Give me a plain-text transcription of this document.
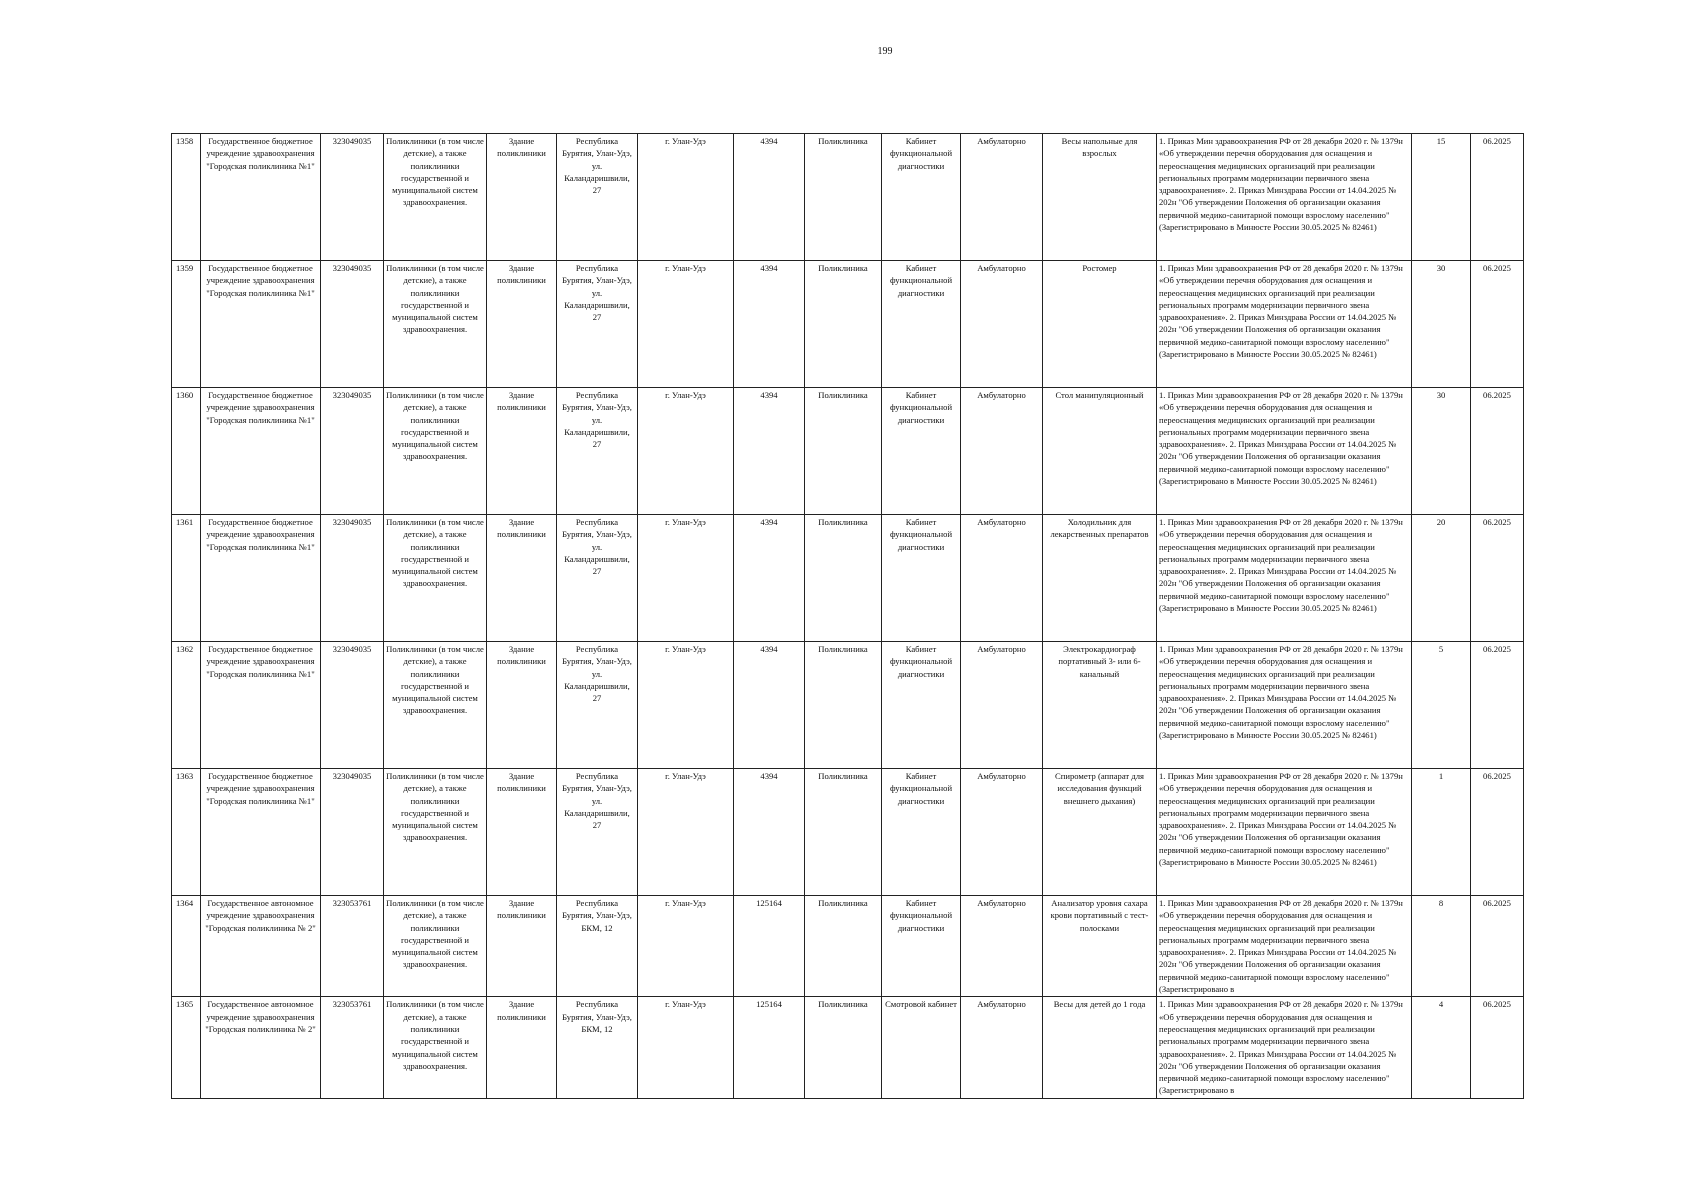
199
1358	Государственное бюджетное учреждение здравоохранения "Городская поликлиника №1"	323049035	Поликлиники (в том числе детские), а также поликлиники государственной и муниципальной систем здравоохранения.	Здание поликлиники	Республика Бурятия, Улан-Удэ, ул. Каландаришвили, 27	г. Улан-Удэ	4394	Поликлиника	Кабинет функциональной диагностики	Амбулаторно	Весы напольные для взрослых	1. Приказ Мин здравоохранения РФ от 28 декабря 2020 г. № 1379н «Об утверждении перечня оборудования для оснащения и переоснащения медицинских организаций при реализации региональных программ модернизации первичного звена здравоохранения». 2. Приказ Минздрава России от 14.04.2025 № 202н "Об утверждении Положения об организации оказания первичной медико-санитарной помощи взрослому населению" (Зарегистрировано в Минюсте России 30.05.2025 № 82461)	15	06.2025
1359	Государственное бюджетное учреждение здравоохранения "Городская поликлиника №1"	323049035	Поликлиники (в том числе детские), а также поликлиники государственной и муниципальной систем здравоохранения.	Здание поликлиники	Республика Бурятия, Улан-Удэ, ул. Каландаришвили, 27	г. Улан-Удэ	4394	Поликлиника	Кабинет функциональной диагностики	Амбулаторно	Ростомер	1. Приказ Мин здравоохранения РФ от 28 декабря 2020 г. № 1379н «Об утверждении перечня оборудования для оснащения и переоснащения медицинских организаций при реализации региональных программ модернизации первичного звена здравоохранения». 2. Приказ Минздрава России от 14.04.2025 № 202н "Об утверждении Положения об организации оказания первичной медико-санитарной помощи взрослому населению" (Зарегистрировано в Минюсте России 30.05.2025 № 82461)	30	06.2025
1360	Государственное бюджетное учреждение здравоохранения "Городская поликлиника №1"	323049035	Поликлиники (в том числе детские), а также поликлиники государственной и муниципальной систем здравоохранения.	Здание поликлиники	Республика Бурятия, Улан-Удэ, ул. Каландаришвили, 27	г. Улан-Удэ	4394	Поликлиника	Кабинет функциональной диагностики	Амбулаторно	Стол манипуляционный	1. Приказ Мин здравоохранения РФ от 28 декабря 2020 г. № 1379н «Об утверждении перечня оборудования для оснащения и переоснащения медицинских организаций при реализации региональных программ модернизации первичного звена здравоохранения». 2. Приказ Минздрава России от 14.04.2025 № 202н "Об утверждении Положения об организации оказания первичной медико-санитарной помощи взрослому населению" (Зарегистрировано в Минюсте России 30.05.2025 № 82461)	30	06.2025
1361	Государственное бюджетное учреждение здравоохранения "Городская поликлиника №1"	323049035	Поликлиники (в том числе детские), а также поликлиники государственной и муниципальной систем здравоохранения.	Здание поликлиники	Республика Бурятия, Улан-Удэ, ул. Каландаришвили, 27	г. Улан-Удэ	4394	Поликлиника	Кабинет функциональной диагностики	Амбулаторно	Холодильник для лекарственных препаратов	1. Приказ Мин здравоохранения РФ от 28 декабря 2020 г. № 1379н «Об утверждении перечня оборудования для оснащения и переоснащения медицинских организаций при реализации региональных программ модернизации первичного звена здравоохранения». 2. Приказ Минздрава России от 14.04.2025 № 202н "Об утверждении Положения об организации оказания первичной медико-санитарной помощи взрослому населению" (Зарегистрировано в Минюсте России 30.05.2025 № 82461)	20	06.2025
1362	Государственное бюджетное учреждение здравоохранения "Городская поликлиника №1"	323049035	Поликлиники (в том числе детские), а также поликлиники государственной и муниципальной систем здравоохранения.	Здание поликлиники	Республика Бурятия, Улан-Удэ, ул. Каландаришвили, 27	г. Улан-Удэ	4394	Поликлиника	Кабинет функциональной диагностики	Амбулаторно	Электрокардиограф портативный 3- или 6-канальный	1. Приказ Мин здравоохранения РФ от 28 декабря 2020 г. № 1379н «Об утверждении перечня оборудования для оснащения и переоснащения медицинских организаций при реализации региональных программ модернизации первичного звена здравоохранения». 2. Приказ Минздрава России от 14.04.2025 № 202н "Об утверждении Положения об организации оказания первичной медико-санитарной помощи взрослому населению" (Зарегистрировано в Минюсте России 30.05.2025 № 82461)	5	06.2025
1363	Государственное бюджетное учреждение здравоохранения "Городская поликлиника №1"	323049035	Поликлиники (в том числе детские), а также поликлиники государственной и муниципальной систем здравоохранения.	Здание поликлиники	Республика Бурятия, Улан-Удэ, ул. Каландаришвили, 27	г. Улан-Удэ	4394	Поликлиника	Кабинет функциональной диагностики	Амбулаторно	Спирометр (аппарат для исследования функций внешнего дыхания)	1. Приказ Мин здравоохранения РФ от 28 декабря 2020 г. № 1379н «Об утверждении перечня оборудования для оснащения и переоснащения медицинских организаций при реализации региональных программ модернизации первичного звена здравоохранения». 2. Приказ Минздрава России от 14.04.2025 № 202н "Об утверждении Положения об организации оказания первичной медико-санитарной помощи взрослому населению" (Зарегистрировано в Минюсте России 30.05.2025 № 82461)	1	06.2025
1364	Государственное автономное учреждение здравоохранения "Городская поликлиника № 2"	323053761	Поликлиники (в том числе детские), а также поликлиники государственной и муниципальной систем здравоохранения.	Здание поликлиники	Республика Бурятия, Улан-Удэ, БКМ, 12	г. Улан-Удэ	125164	Поликлиника	Кабинет функциональной диагностики	Амбулаторно	Анализатор уровня сахара крови портативный с тест-полосками	1. Приказ Мин здравоохранения РФ от 28 декабря 2020 г. № 1379н «Об утверждении перечня оборудования для оснащения и переоснащения медицинских организаций при реализации региональных программ модернизации первичного звена здравоохранения». 2. Приказ Минздрава России от 14.04.2025 № 202н "Об утверждении Положения об организации оказания первичной медико-санитарной помощи взрослому населению" (Зарегистрировано в	8	06.2025
1365	Государственное автономное учреждение здравоохранения "Городская поликлиника № 2"	323053761	Поликлиники (в том числе детские), а также поликлиники государственной и муниципальной систем здравоохранения.	Здание поликлиники	Республика Бурятия, Улан-Удэ, БКМ, 12	г. Улан-Удэ	125164	Поликлиника	Смотровой кабинет	Амбулаторно	Весы для детей до 1 года	1. Приказ Мин здравоохранения РФ от 28 декабря 2020 г. № 1379н «Об утверждении перечня оборудования для оснащения и переоснащения медицинских организаций при реализации региональных программ модернизации первичного звена здравоохранения». 2. Приказ Минздрава России от 14.04.2025 № 202н "Об утверждении Положения об организации оказания первичной медико-санитарной помощи взрослому населению" (Зарегистрировано в	4	06.2025
